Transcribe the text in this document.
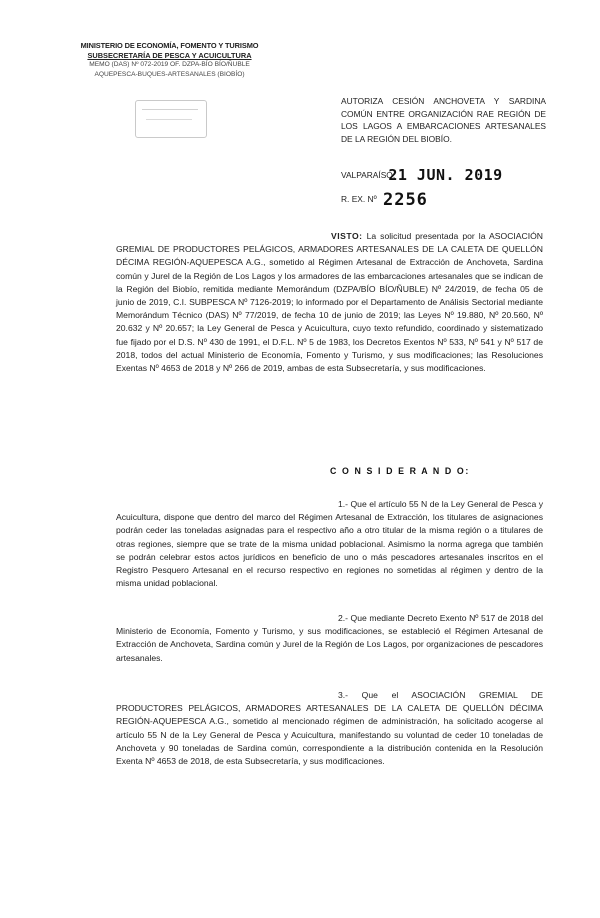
MINISTERIO DE ECONOMÍA, FOMENTO Y TURISMO
SUBSECRETARÍA DE PESCA Y ACUICULTURA
MEMO (DAS) Nº 072-2019 OF. DZPA-BÍO BÍO/ÑUBLE
AQUEPESCA-BUQUES-ARTESANALES (BIOBÍO)
AUTORIZA CESIÓN ANCHOVETA Y SARDINA COMÚN ENTRE ORGANIZACIÓN RAE REGIÓN DE LOS LAGOS A EMBARCACIONES ARTESANALES DE LA REGIÓN DEL BIOBÍO.
VALPARAÍSO, 21 JUN. 2019
R. EX. Nº 2256
VISTO: La solicitud presentada por la ASOCIACIÓN GREMIAL DE PRODUCTORES PELÁGICOS, ARMADORES ARTESANALES DE LA CALETA DE QUELLÓN DÉCIMA REGIÓN-AQUEPESCA A.G., sometido al Régimen Artesanal de Extracción de Anchoveta, Sardina común y Jurel de la Región de Los Lagos y los armadores de las embarcaciones artesanales que se indican de la Región del Biobío, remitida mediante Memorándum (DZPA/BÍO BÍO/ÑUBLE) Nº 24/2019, de fecha 05 de junio de 2019, C.I. SUBPESCA Nº 7126-2019; lo informado por el Departamento de Análisis Sectorial mediante Memorándum Técnico (DAS) Nº 77/2019, de fecha 10 de junio de 2019; las Leyes Nº 19.880, Nº 20.560, Nº 20.632 y Nº 20.657; la Ley General de Pesca y Acuicultura, cuyo texto refundido, coordinado y sistematizado fue fijado por el D.S. Nº 430 de 1991, el D.F.L. Nº 5 de 1983, los Decretos Exentos Nº 533, Nº 541 y Nº 517 de 2018, todos del actual Ministerio de Economía, Fomento y Turismo, y sus modificaciones; las Resoluciones Exentas Nº 4653 de 2018 y Nº 266 de 2019, ambas de esta Subsecretaría, y sus modificaciones.
C O N S I D E R A N D O:
1.- Que el artículo 55 N de la Ley General de Pesca y Acuicultura, dispone que dentro del marco del Régimen Artesanal de Extracción, los titulares de asignaciones podrán ceder las toneladas asignadas para el respectivo año a otro titular de la misma región o a titulares de otras regiones, siempre que se trate de la misma unidad poblacional. Asimismo la norma agrega que también se podrán celebrar estos actos jurídicos en beneficio de uno o más pescadores artesanales inscritos en el Registro Pesquero Artesanal en el recurso respectivo en regiones no sometidas al régimen y dentro de la misma unidad poblacional.
2.- Que mediante Decreto Exento Nº 517 de 2018 del Ministerio de Economía, Fomento y Turismo, y sus modificaciones, se estableció el Régimen Artesanal de Extracción de Anchoveta, Sardina común y Jurel de la Región de Los Lagos, por organizaciones de pescadores artesanales.
3.- Que el ASOCIACIÓN GREMIAL DE PRODUCTORES PELÁGICOS, ARMADORES ARTESANALES DE LA CALETA DE QUELLÓN DÉCIMA REGIÓN-AQUEPESCA A.G., sometido al mencionado régimen de administración, ha solicitado acogerse al artículo 55 N de la Ley General de Pesca y Acuicultura, manifestando su voluntad de ceder 10 toneladas de Anchoveta y 90 toneladas de Sardina común, correspondiente a la distribución contenida en la Resolución Exenta Nº 4653 de 2018, de esta Subsecretaría, y sus modificaciones.
